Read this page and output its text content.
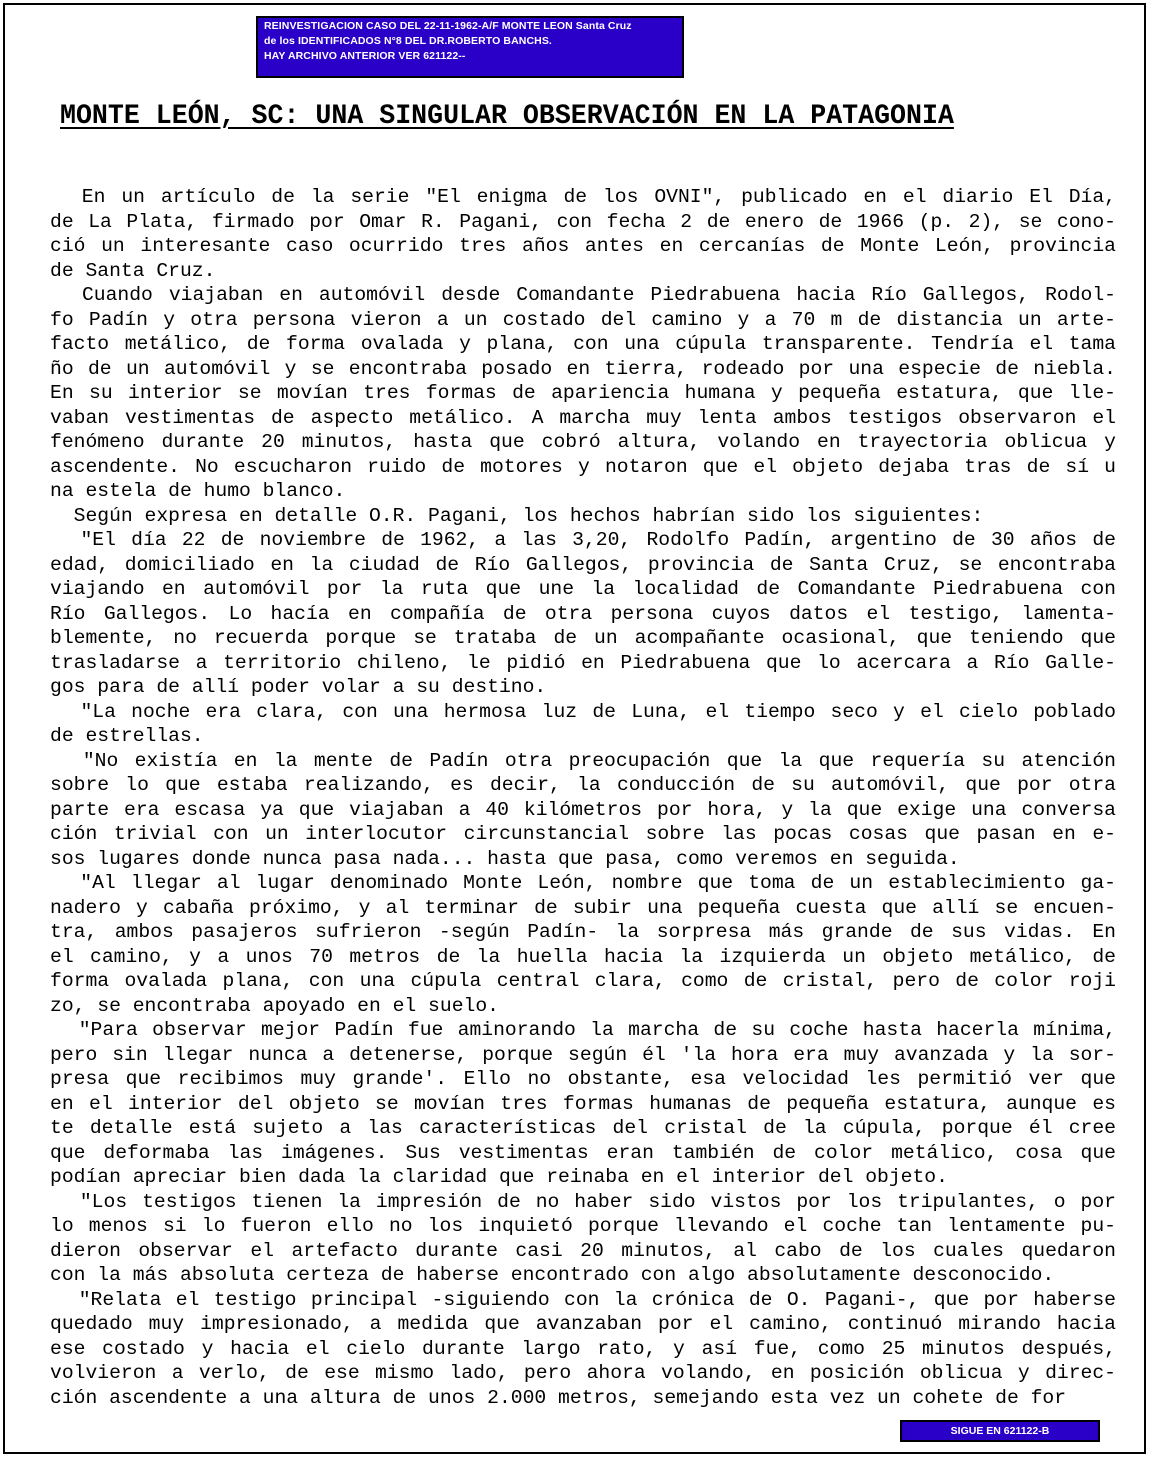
REINVESTIGACION CASO DEL 22-11-1962-A/F MONTE LEON Santa Cruz
de los IDENTIFICADOS N°8 DEL DR.ROBERTO BANCHS.
HAY ARCHIVO ANTERIOR VER 621122--
MONTE LEÓN, SC: UNA SINGULAR OBSERVACIÓN EN LA PATAGONIA
En un artículo de la serie "El enigma de los OVNI", publicado en el diario El Día,
de La Plata, firmado por Omar R. Pagani, con fecha 2 de enero de 1966 (p. 2), se cono-
ció un interesante caso ocurrido tres años antes en cercanías de Monte León, provincia
de Santa Cruz.
Cuando viajaban en automóvil desde Comandante Piedrabuena hacia Río Gallegos, Rodol-
fo Padín y otra persona vieron a un costado del camino y a 70 m de distancia un arte-
facto metálico, de forma ovalada y plana, con una cúpula transparente. Tendría el tama
ño de un automóvil y se encontraba posado en tierra, rodeado por una especie de niebla.
En su interior se movían tres formas de apariencia humana y pequeña estatura, que lle-
vaban vestimentas de aspecto metálico. A marcha muy lenta ambos testigos observaron el
fenómeno durante 20 minutos, hasta que cobró altura, volando en trayectoria oblicua y
ascendente. No escucharon ruido de motores y notaron que el objeto dejaba tras de sí u
na estela de humo blanco.
Según expresa en detalle O.R. Pagani, los hechos habrían sido los siguientes:
"El día 22 de noviembre de 1962, a las 3,20, Rodolfo Padín, argentino de 30 años de
edad, domiciliado en la ciudad de Río Gallegos, provincia de Santa Cruz, se encontraba
viajando en automóvil por la ruta que une la localidad de Comandante Piedrabuena con
Río Gallegos. Lo hacía en compañía de otra persona cuyos datos el testigo, lamenta-
blemente, no recuerda porque se trataba de un acompañante ocasional, que teniendo que
trasladarse a territorio chileno, le pidió en Piedrabuena que lo acercara a Río Galle-
gos para de allí poder volar a su destino.
"La noche era clara, con una hermosa luz de Luna, el tiempo seco y el cielo poblado
de estrellas.
"No existía en la mente de Padín otra preocupación que la que requería su atención
sobre lo que estaba realizando, es decir, la conducción de su automóvil, que por otra
parte era escasa ya que viajaban a 40 kilómetros por hora, y la que exige una conversa
ción trivial con un interlocutor circunstancial sobre las pocas cosas que pasan en e-
sos lugares donde nunca pasa nada... hasta que pasa, como veremos en seguida.
"Al llegar al lugar denominado Monte León, nombre que toma de un establecimiento ga-
nadero y cabaña próximo, y al terminar de subir una pequeña cuesta que allí se encuen-
tra, ambos pasajeros sufrieron -según Padín- la sorpresa más grande de sus vidas. En
el camino, y a unos 70 metros de la huella hacia la izquierda un objeto metálico, de
forma ovalada plana, con una cúpula central clara, como de cristal, pero de color roji
zo, se encontraba apoyado en el suelo.
"Para observar mejor Padín fue aminorando la marcha de su coche hasta hacerla mínima,
pero sin llegar nunca a detenerse, porque según él 'la hora era muy avanzada y la sor-
presa que recibimos muy grande'. Ello no obstante, esa velocidad les permitió ver que
en el interior del objeto se movían tres formas humanas de pequeña estatura, aunque es
te detalle está sujeto a las características del cristal de la cúpula, porque él cree
que deformaba las imágenes. Sus vestimentas eran también de color metálico, cosa que
podían apreciar bien dada la claridad que reinaba en el interior del objeto.
"Los testigos tienen la impresión de no haber sido vistos por los tripulantes, o por
lo menos si lo fueron ello no los inquietó porque llevando el coche tan lentamente pu-
dieron observar el artefacto durante casi 20 minutos, al cabo de los cuales quedaron
con la más absoluta certeza de haberse encontrado con algo absolutamente desconocido.
"Relata el testigo principal -siguiendo con la crónica de O. Pagani-, que por haberse
quedado muy impresionado, a medida que avanzaban por el camino, continuó mirando hacia
ese costado y hacia el cielo durante largo rato, y así fue, como 25 minutos después,
volvieron a verlo, de ese mismo lado, pero ahora volando, en posición oblicua y direc-
ción ascendente a una altura de unos 2.000 metros, semejando esta vez un cohete de for
SIGUE EN 621122-B
